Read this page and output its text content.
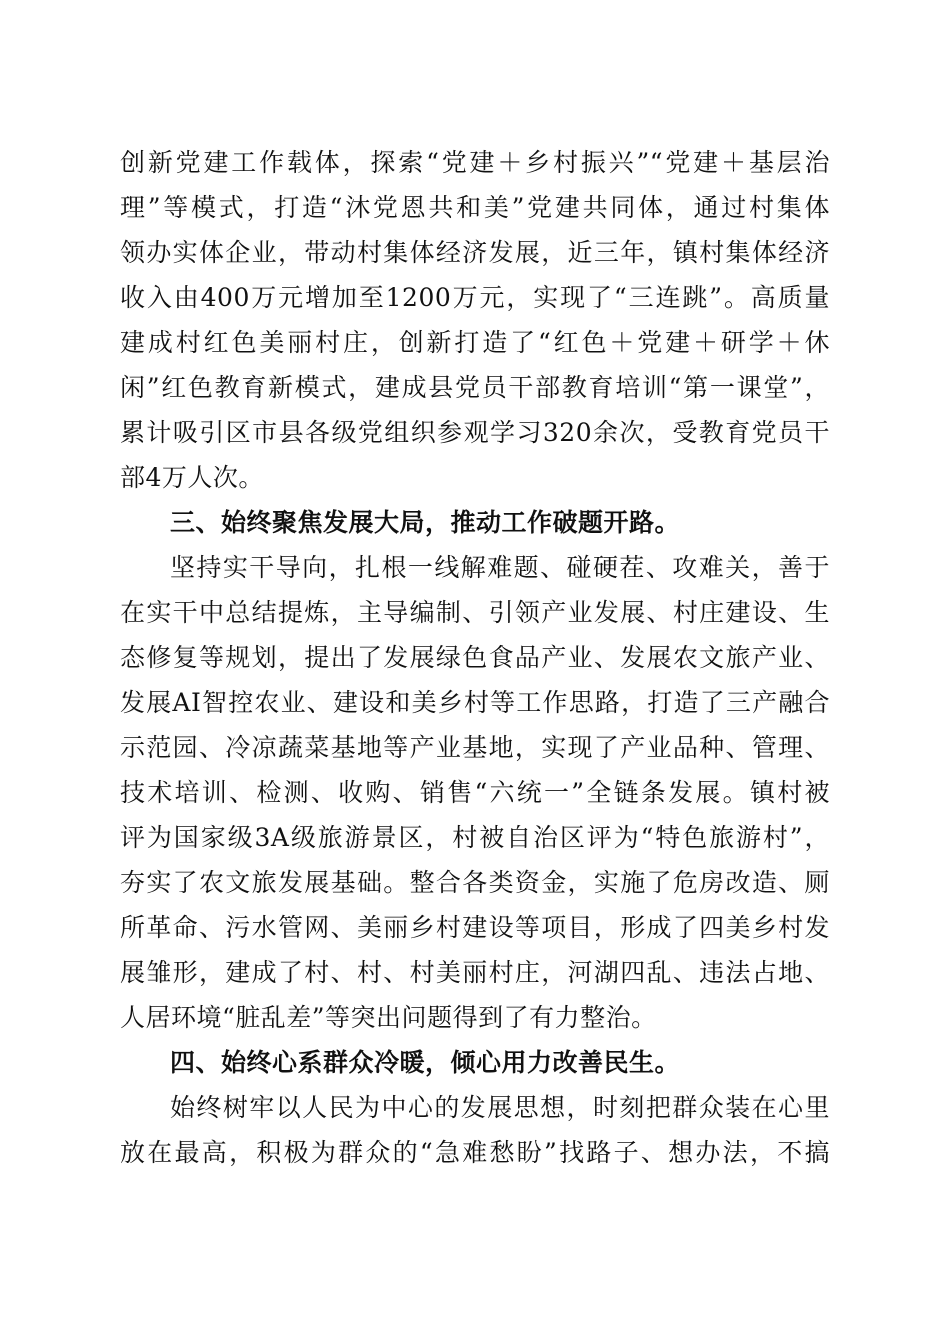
创新党建工作载体，探索“党建＋乡村振兴”“党建＋基层治
理”等模式，打造“沐党恩共和美”党建共同体，通过村集体
领办实体企业，带动村集体经济发展，近三年，镇村集体经济
收入由400万元增加至1200万元，实现了“三连跳”。高质量
建成村红色美丽村庄，创新打造了“红色＋党建＋研学＋休
闲”红色教育新模式，建成县党员干部教育培训“第一课堂”，
累计吸引区市县各级党组织参观学习320余次，受教育党员干
部4万人次。
三、始终聚焦发展大局，推动工作破题开路。
坚持实干导向，扎根一线解难题、碰硬茬、攻难关，善于
在实干中总结提炼，主导编制、引领产业发展、村庄建设、生
态修复等规划，提出了发展绿色食品产业、发展农文旅产业、
发展AI智控农业、建设和美乡村等工作思路，打造了三产融合
示范园、冷凉蔬菜基地等产业基地，实现了产业品种、管理、
技术培训、检测、收购、销售“六统一”全链条发展。镇村被
评为国家级3A级旅游景区，村被自治区评为“特色旅游村”，
夯实了农文旅发展基础。整合各类资金，实施了危房改造、厕
所革命、污水管网、美丽乡村建设等项目，形成了四美乡村发
展雏形，建成了村、村、村美丽村庄，河湖四乱、违法占地、
人居环境“脏乱差”等突出问题得到了有力整治。
四、始终心系群众冷暖，倾心用力改善民生。
始终树牢以人民为中心的发展思想，时刻把群众装在心里
放在最高，积极为群众的“急难愁盼”找路子、想办法，不搞
